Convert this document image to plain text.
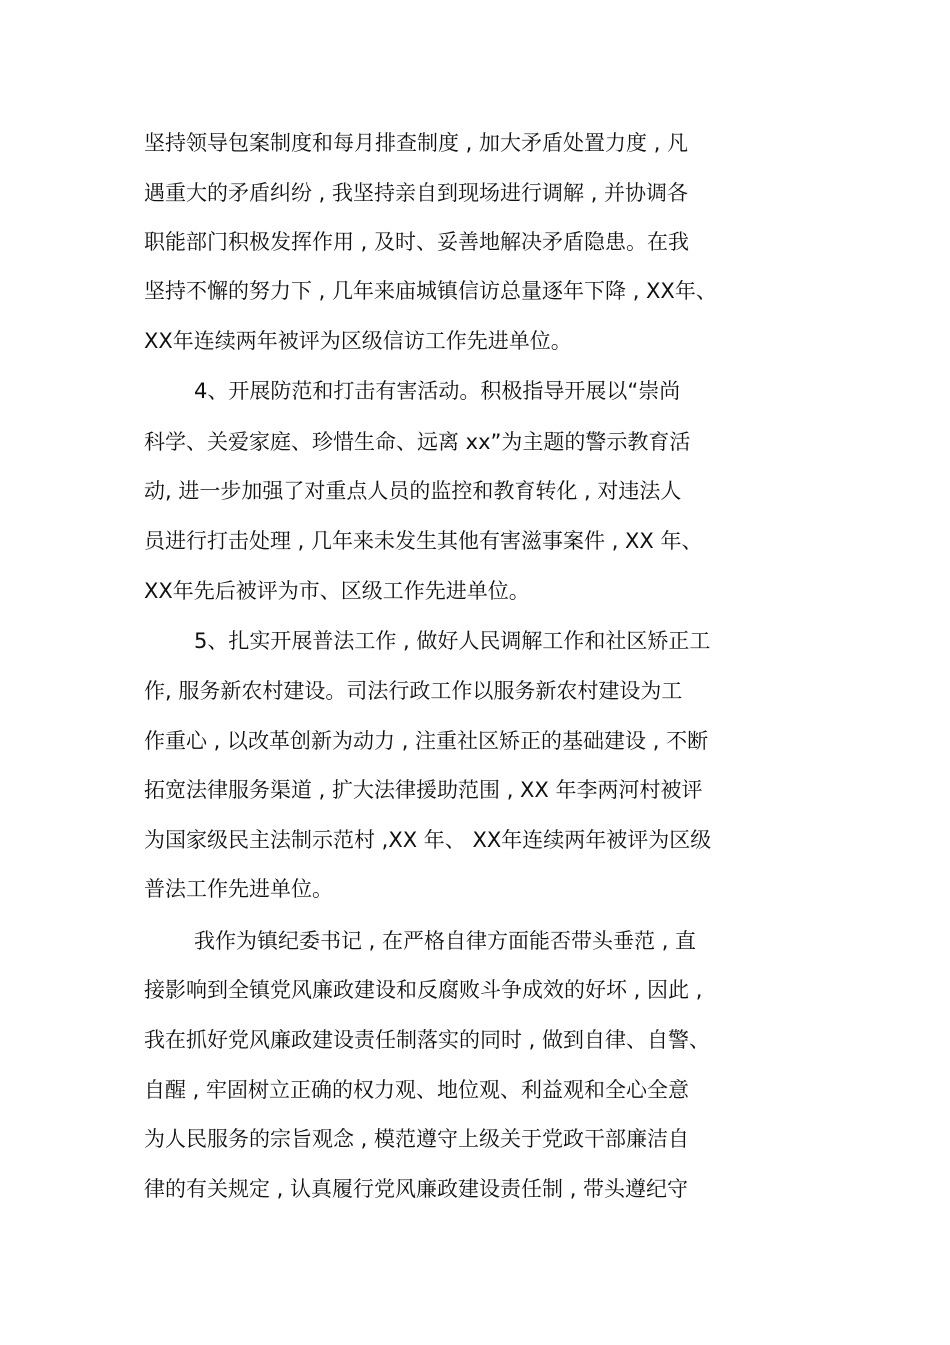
坚持领导包案制度和每月排查制度 , 加大矛盾处置力度 , 凡
遇重大的矛盾纠纷 , 我坚持亲自到现场进行调解 , 并协调各
职能部门积极发挥作用 , 及时、妥善地解决矛盾隐患。在我
坚持不懈的努力下 , 几年来庙城镇信访总量逐年下降 , XX年、
XX年连续两年被评为区级信访工作先进单位。
4、开展防范和打击有害活动。积极指导开展以“崇尚
科学、关爱家庭、珍惜生命、远离 xx”为主题的警示教育活
动, 进一步加强了对重点人员的监控和教育转化 , 对违法人
员进行打击处理 , 几年来未发生其他有害滋事案件 , XX 年、
XX年先后被评为市、区级工作先进单位。
5、扎实开展普法工作 , 做好人民调解工作和社区矫正工
作, 服务新农村建设。司法行政工作以服务新农村建设为工
作重心 , 以改革创新为动力 , 注重社区矫正的基础建设 , 不断
拓宽法律服务渠道 , 扩大法律援助范围 , XX 年李两河村被评
为国家级民主法制示范村 ,XX 年、 XX年连续两年被评为区级
普法工作先进单位。
我作为镇纪委书记 , 在严格自律方面能否带头垂范 , 直
接影响到全镇党风廉政建设和反腐败斗争成效的好坏 , 因此 ,
我在抓好党风廉政建设责任制落实的同时 , 做到自律、自警、
自醒 , 牢固树立正确的权力观、地位观、利益观和全心全意
为人民服务的宗旨观念 , 模范遵守上级关于党政干部廉洁自
律的有关规定 , 认真履行党风廉政建设责任制 , 带头遵纪守
